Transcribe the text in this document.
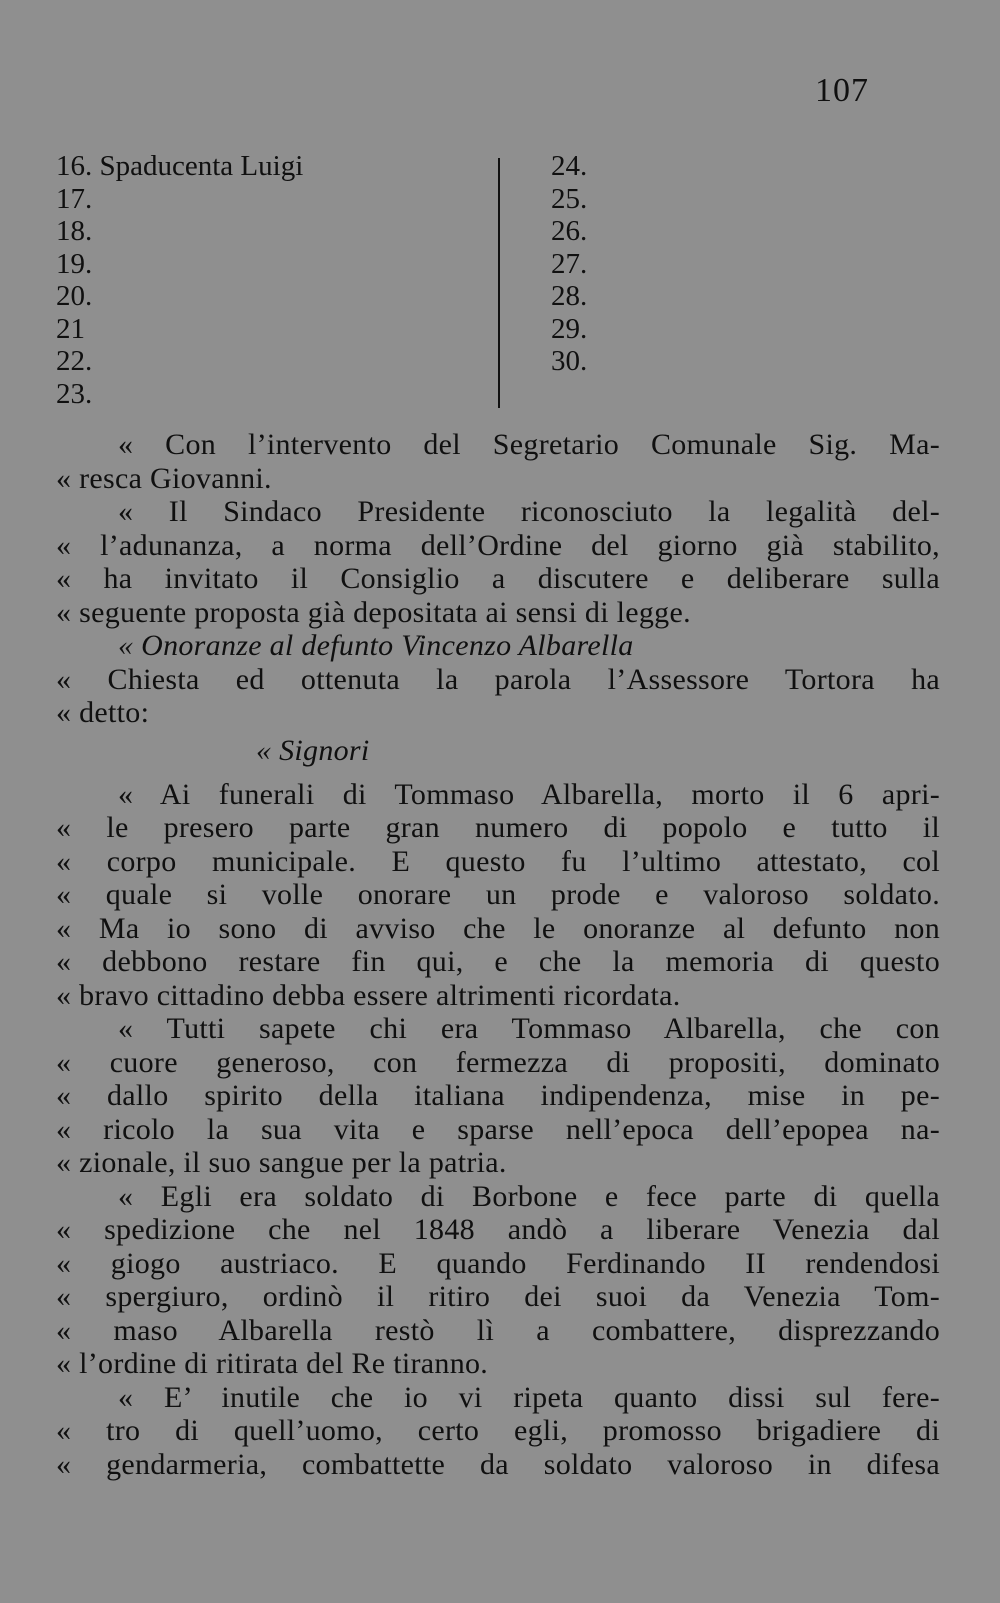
107
16. Spaducenta Luigi
17.
18.
19.
20.
21
22.
23.
24.
25.
26.
27.
28.
29.
30.
« Con l’intervento del Segretario Comunale Sig. Ma-
« resca Giovanni.
« Il Sindaco Presidente riconosciuto la legalità del-
« l’adunanza, a norma dell’Ordine del giorno già stabilito,
« ha invitato il Consiglio a discutere e deliberare sulla
« seguente proposta già depositata ai sensi di legge.
« Onoranze al defunto Vincenzo Albarella
« Chiesta ed ottenuta la parola l’Assessore Tortora ha
« detto:
« Signori
« Ai funerali di Tommaso Albarella, morto il 6 apri-
« le presero parte gran numero di popolo e tutto il
« corpo municipale. E questo fu l’ultimo attestato, col
« quale si volle onorare un prode e valoroso soldato.
« Ma io sono di avviso che le onoranze al defunto non
« debbono restare fin qui, e che la memoria di questo
« bravo cittadino debba essere altrimenti ricordata.
« Tutti sapete chi era Tommaso Albarella, che con
« cuore generoso, con fermezza di propositi, dominato
« dallo spirito della italiana indipendenza, mise in pe-
« ricolo la sua vita e sparse nell’epoca dell’epopea na-
« zionale, il suo sangue per la patria.
« Egli era soldato di Borbone e fece parte di quella
« spedizione che nel 1848 andò a liberare Venezia dal
« giogo austriaco. E quando Ferdinando II rendendosi
« spergiuro, ordinò il ritiro dei suoi da Venezia Tom-
« maso Albarella restò lì a combattere, disprezzando
« l’ordine di ritirata del Re tiranno.
« E’ inutile che io vi ripeta quanto dissi sul fere-
« tro di quell’uomo, certo egli, promosso brigadiere di
« gendarmeria, combattette da soldato valoroso in difesa
